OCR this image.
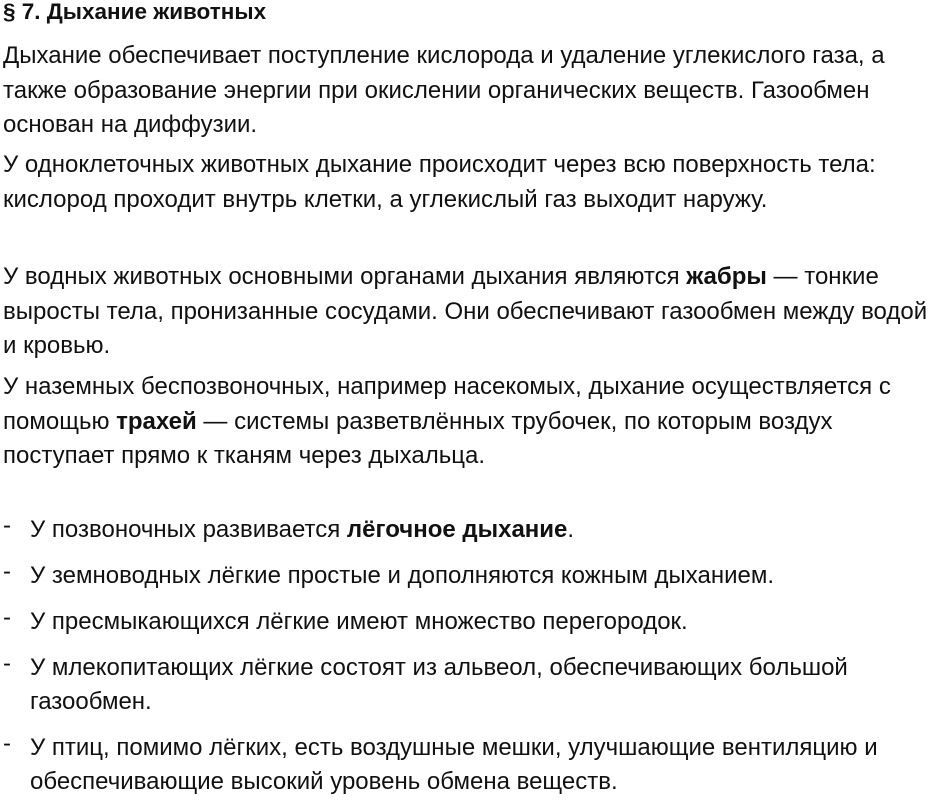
§ 7. Дыхание животных

Дыхание обеспечивает поступление кислорода и удаление углекислого газа, а также образование энергии при окислении органических веществ. Газообмен основан на диффузии.

У одноклеточных животных дыхание происходит через всю поверхность тела: кислород проходит внутрь клетки, а углекислый газ выходит наружу.

У водных животных основными органами дыхания являются жабры — тонкие выросты тела, пронизанные сосудами. Они обеспечивают газообмен между водой и кровью.

У наземных беспозвоночных, например насекомых, дыхание осуществляется с помощью трахей — системы разветвлённых трубочек, по которым воздух поступает прямо к тканям через дыхальца.

- У позвоночных развивается лёгочное дыхание.
- У земноводных лёгкие простые и дополняются кожным дыханием.
- У пресмыкающихся лёгкие имеют множество перегородок.
- У млекопитающих лёгкие состоят из альвеол, обеспечивающих большой газообмен.
- У птиц, помимо лёгких, есть воздушные мешки, улучшающие вентиляцию и обеспечивающие высокий уровень обмена веществ.
